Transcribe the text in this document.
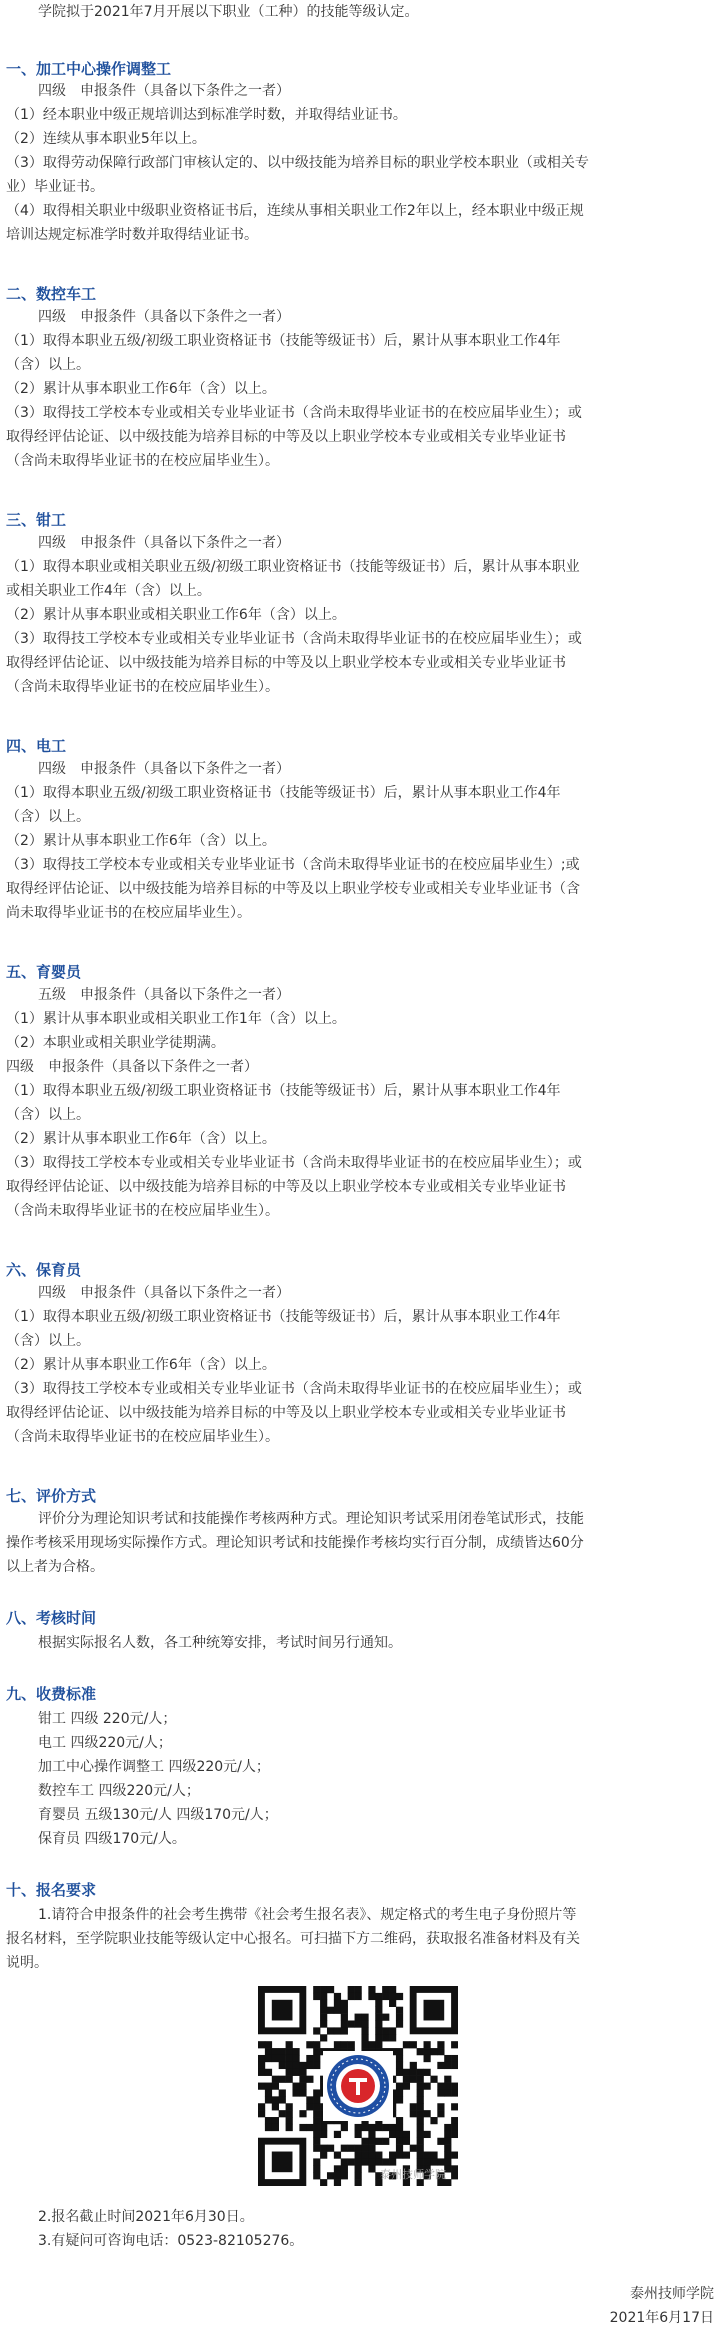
学院拟于2021年7月开展以下职业（工种）的技能等级认定。
一、加工中心操作调整工
四级　申报条件（具备以下条件之一者）
（1）经本职业中级正规培训达到标准学时数，并取得结业证书。
（2）连续从事本职业5年以上。
（3）取得劳动保障行政部门审核认定的、以中级技能为培养目标的职业学校本职业（或相关专
业）毕业证书。
（4）取得相关职业中级职业资格证书后，连续从事相关职业工作2年以上，经本职业中级正规
培训达规定标准学时数并取得结业证书。
二、数控车工
四级　申报条件（具备以下条件之一者）
（1）取得本职业五级/初级工职业资格证书（技能等级证书）后，累计从事本职业工作4年
（含）以上。
（2）累计从事本职业工作6年（含）以上。
（3）取得技工学校本专业或相关专业毕业证书（含尚未取得毕业证书的在校应届毕业生）；或
取得经评估论证、以中级技能为培养目标的中等及以上职业学校本专业或相关专业毕业证书
（含尚未取得毕业证书的在校应届毕业生）。
三、钳工
四级　申报条件（具备以下条件之一者）
（1）取得本职业或相关职业五级/初级工职业资格证书（技能等级证书）后，累计从事本职业
或相关职业工作4年（含）以上。
（2）累计从事本职业或相关职业工作6年（含）以上。
（3）取得技工学校本专业或相关专业毕业证书（含尚未取得毕业证书的在校应届毕业生）；或
取得经评估论证、以中级技能为培养目标的中等及以上职业学校本专业或相关专业毕业证书
（含尚未取得毕业证书的在校应届毕业生）。
四、电工
四级　申报条件（具备以下条件之一者）
（1）取得本职业五级/初级工职业资格证书（技能等级证书）后，累计从事本职业工作4年
（含）以上。
（2）累计从事本职业工作6年（含）以上。
（3）取得技工学校本专业或相关专业毕业证书（含尚未取得毕业证书的在校应届毕业生）;或
取得经评估论证、以中级技能为培养目标的中等及以上职业学校专业或相关专业毕业证书（含
尚未取得毕业证书的在校应届毕业生）。
五、育婴员
五级　申报条件（具备以下条件之一者）
（1）累计从事本职业或相关职业工作1年（含）以上。
（2）本职业或相关职业学徒期满。
四级　申报条件（具备以下条件之一者）
（1）取得本职业五级/初级工职业资格证书（技能等级证书）后，累计从事本职业工作4年
（含）以上。
（2）累计从事本职业工作6年（含）以上。
（3）取得技工学校本专业或相关专业毕业证书（含尚未取得毕业证书的在校应届毕业生）；或
取得经评估论证、以中级技能为培养目标的中等及以上职业学校本专业或相关专业毕业证书
（含尚未取得毕业证书的在校应届毕业生）。
六、保育员
四级　申报条件（具备以下条件之一者）
（1）取得本职业五级/初级工职业资格证书（技能等级证书）后，累计从事本职业工作4年
（含）以上。
（2）累计从事本职业工作6年（含）以上。
（3）取得技工学校本专业或相关专业毕业证书（含尚未取得毕业证书的在校应届毕业生）；或
取得经评估论证、以中级技能为培养目标的中等及以上职业学校本专业或相关专业毕业证书
（含尚未取得毕业证书的在校应届毕业生）。
七、评价方式
评价分为理论知识考试和技能操作考核两种方式。理论知识考试采用闭卷笔试形式，技能
操作考核采用现场实际操作方式。理论知识考试和技能操作考核均实行百分制，成绩皆达60分
以上者为合格。
八、考核时间
根据实际报名人数，各工种统筹安排，考试时间另行通知。
九、收费标准
钳工 四级 220元/人；
电工 四级220元/人；
加工中心操作调整工 四级220元/人；
数控车工 四级220元/人；
育婴员 五级130元/人 四级170元/人；
保育员 四级170元/人。
十、报名要求
1.请符合申报条件的社会考生携带《社会考生报名表》、规定格式的考生电子身份照片等
报名材料，至学院职业技能等级认定中心报名。可扫描下方二维码，获取报名准备材料及有关
说明。
泰州技师学院
2.报名截止时间2021年6月30日。
3.有疑问可咨询电话：0523-82105276。
泰州技师学院
2021年6月17日
